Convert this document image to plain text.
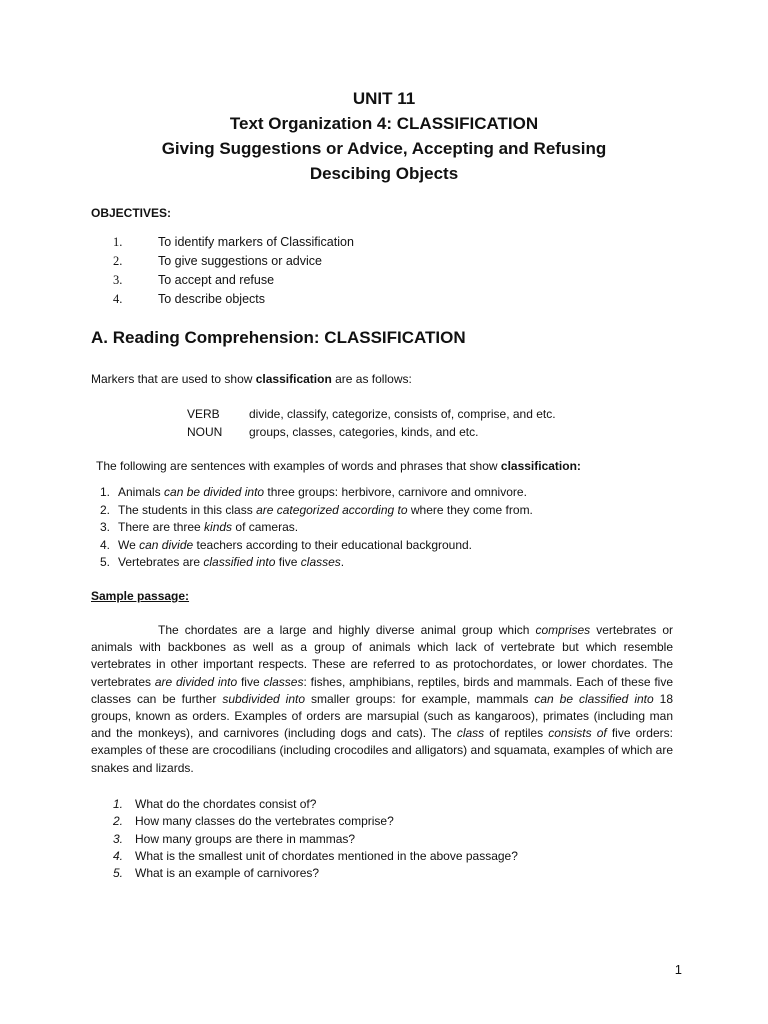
UNIT 11
Text Organization 4: CLASSIFICATION
Giving Suggestions or Advice, Accepting and Refusing
Descibing Objects
OBJECTIVES:
1.	To identify markers of Classification
2.	To give suggestions or advice
3.	To accept and refuse
4.	To describe objects
A. Reading Comprehension: CLASSIFICATION
Markers that are used to show classification are as follows:
VERB divide, classify, categorize, consists of, comprise, and etc.
NOUN groups, classes, categories, kinds, and etc.
The following are sentences with examples of words and phrases that show classification:
1. Animals can be divided into three groups: herbivore, carnivore and omnivore.
2. The students in this class are categorized according to where they come from.
3. There are three kinds of cameras.
4. We can divide teachers according to their educational background.
5. Vertebrates are classified into five classes.
Sample passage:
The chordates are a large and highly diverse animal group which comprises vertebrates or animals with backbones as well as a group of animals which lack of vertebrate but which resemble vertebrates in other important respects. These are referred to as protochordates, or lower chordates. The vertebrates are divided into five classes: fishes, amphibians, reptiles, birds and mammals. Each of these five classes can be further subdivided into smaller groups: for example, mammals can be classified into 18 groups, known as orders. Examples of orders are marsupial (such as kangaroos), primates (including man and the monkeys), and carnivores (including dogs and cats). The class of reptiles consists of five orders: examples of these are crocodilians (including crocodiles and alligators) and squamata, examples of which are snakes and lizards.
1. What do the chordates consist of?
2. How many classes do the vertebrates comprise?
3. How many groups are there in mammas?
4. What is the smallest unit of chordates mentioned in the above passage?
5. What is an example of carnivores?
1
